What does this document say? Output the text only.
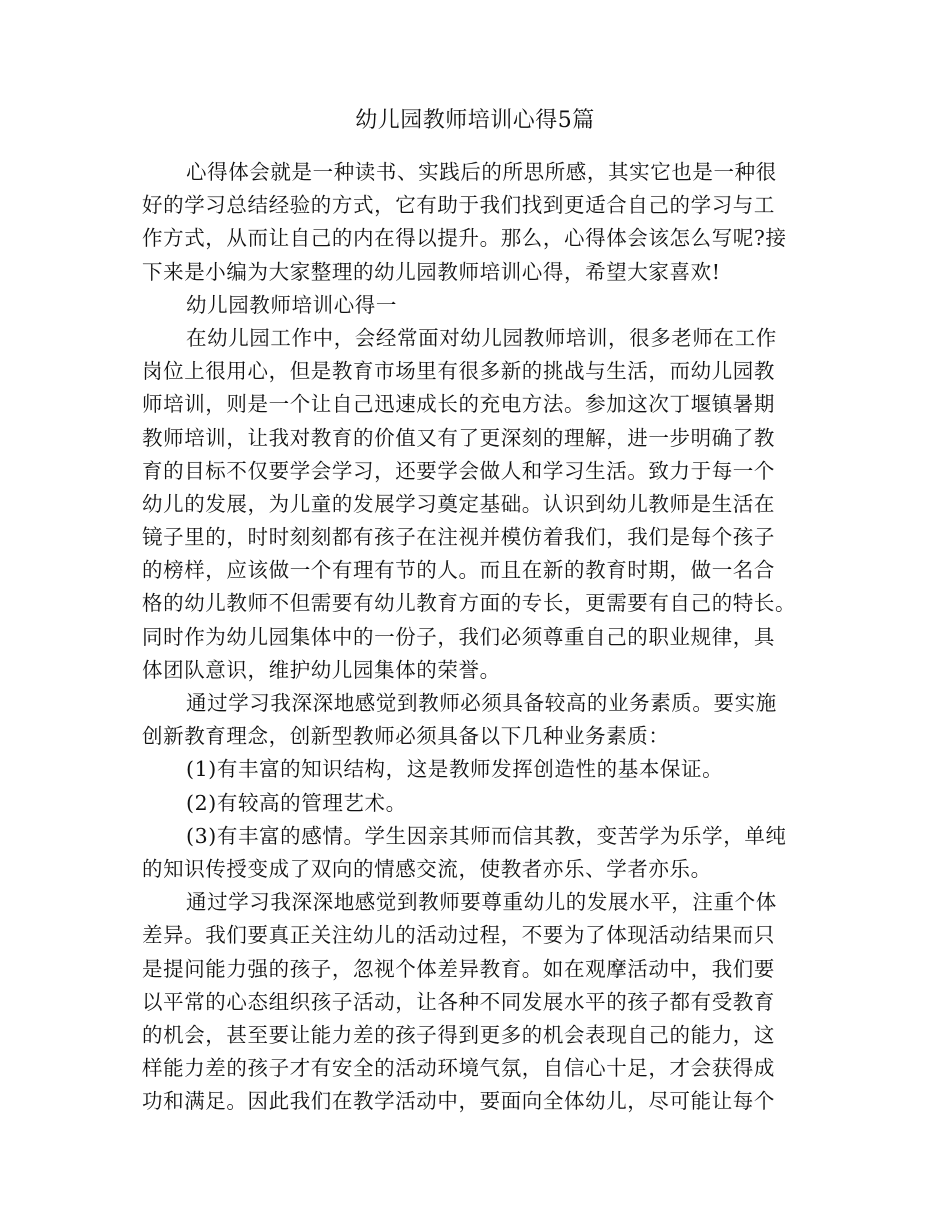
幼儿园教师培训心得5篇
心得体会就是一种读书、实践后的所思所感，其实它也是一种很
好的学习总结经验的方式，它有助于我们找到更适合自己的学习与工
作方式，从而让自己的内在得以提升。那么，心得体会该怎么写呢?接
下来是小编为大家整理的幼儿园教师培训心得，希望大家喜欢!
幼儿园教师培训心得一
在幼儿园工作中，会经常面对幼儿园教师培训，很多老师在工作
岗位上很用心，但是教育市场里有很多新的挑战与生活，而幼儿园教
师培训，则是一个让自己迅速成长的充电方法。参加这次丁堰镇暑期
教师培训，让我对教育的价值又有了更深刻的理解，进一步明确了教
育的目标不仅要学会学习，还要学会做人和学习生活。致力于每一个
幼儿的发展，为儿童的发展学习奠定基础。认识到幼儿教师是生活在
镜子里的，时时刻刻都有孩子在注视并模仿着我们，我们是每个孩子
的榜样，应该做一个有理有节的人。而且在新的教育时期，做一名合
格的幼儿教师不但需要有幼儿教育方面的专长，更需要有自己的特长。
同时作为幼儿园集体中的一份子，我们必须尊重自己的职业规律，具
体团队意识，维护幼儿园集体的荣誉。
通过学习我深深地感觉到教师必须具备较高的业务素质。要实施
创新教育理念，创新型教师必须具备以下几种业务素质：
(1)有丰富的知识结构，这是教师发挥创造性的基本保证。
(2)有较高的管理艺术。
(3)有丰富的感情。学生因亲其师而信其教，变苦学为乐学，单纯
的知识传授变成了双向的情感交流，使教者亦乐、学者亦乐。
通过学习我深深地感觉到教师要尊重幼儿的发展水平，注重个体
差异。我们要真正关注幼儿的活动过程，不要为了体现活动结果而只
是提问能力强的孩子，忽视个体差异教育。如在观摩活动中，我们要
以平常的心态组织孩子活动，让各种不同发展水平的孩子都有受教育
的机会，甚至要让能力差的孩子得到更多的机会表现自己的能力，这
样能力差的孩子才有安全的活动环境气氛，自信心十足，才会获得成
功和满足。因此我们在教学活动中，要面向全体幼儿，尽可能让每个
